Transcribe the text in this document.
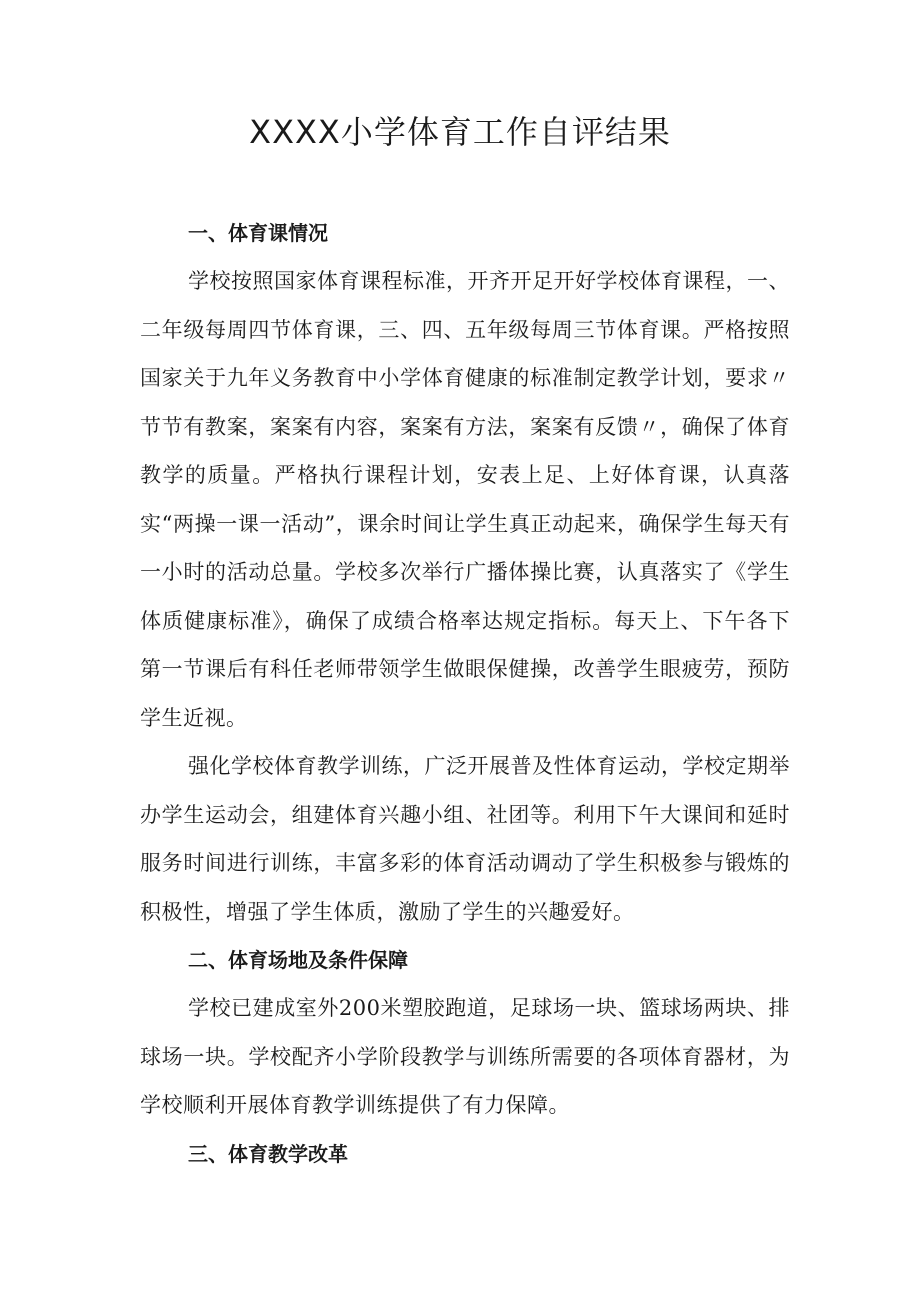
XXXX小学体育工作自评结果
一、体育课情况

学校按照国家体育课程标准，开齐开足开好学校体育课程，一、二年级每周四节体育课，三、四、五年级每周三节体育课。严格按照国家关于九年义务教育中小学体育健康的标准制定教学计划，要求〃节节有教案，案案有内容，案案有方法，案案有反馈〃，确保了体育教学的质量。严格执行课程计划，安表上足、上好体育课，认真落实“两操一课一活动”，课余时间让学生真正动起来，确保学生每天有一小时的活动总量。学校多次举行广播体操比赛，认真落实了《学生体质健康标准》，确保了成绩合格率达规定指标。每天上、下午各下第一节课后有科任老师带领学生做眼保健操，改善学生眼疲劳，预防学生近视。

强化学校体育教学训练，广泛开展普及性体育运动，学校定期举办学生运动会，组建体育兴趣小组、社团等。利用下午大课间和延时服务时间进行训练，丰富多彩的体育活动调动了学生积极参与锻炼的积极性，增强了学生体质，激励了学生的兴趣爱好。

二、体育场地及条件保障

学校已建成室外200米塑胶跑道，足球场一块、篮球场两块、排球场一块。学校配齐小学阶段教学与训练所需要的各项体育器材，为学校顺利开展体育教学训练提供了有力保障。

三、体育教学改革
